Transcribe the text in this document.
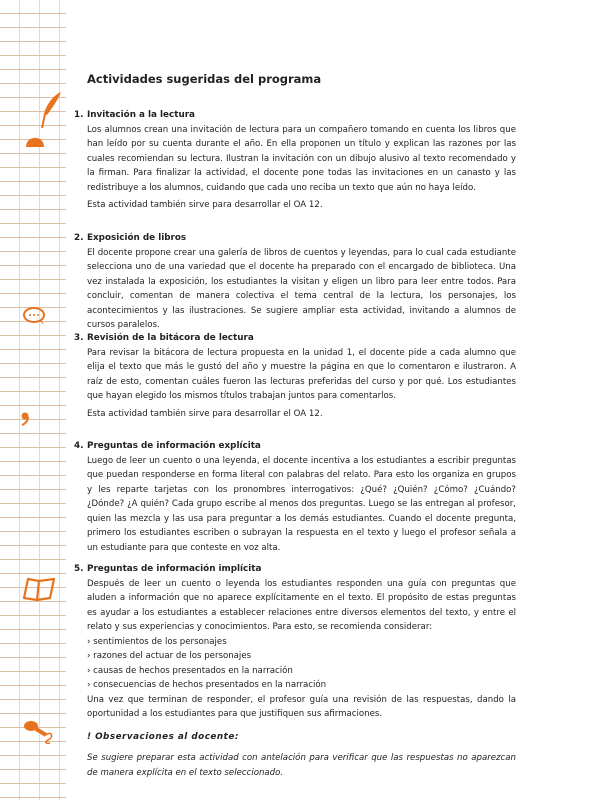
Actividades sugeridas del programa
1. Invitación a la lectura

Los alumnos crean una invitación de lectura para un compañero tomando en cuenta los libros que han leído por su cuenta durante el año. En ella proponen un título y explican las razones por las cuales recomiendan su lectura. Ilustran la invitación con un dibujo alusivo al texto recomendado y la firman. Para finalizar la actividad, el docente pone todas las invitaciones en un canasto y las redistribuye a los alumnos, cuidando que cada uno reciba un texto que aún no haya leído.

Esta actividad también sirve para desarrollar el OA 12.

2. Exposición de libros

El docente propone crear una galería de libros de cuentos y leyendas, para lo cual cada estudiante selecciona uno de una variedad que el docente ha preparado con el encargado de biblioteca. Una vez instalada la exposición, los estudiantes la visitan y eligen un libro para leer entre todos. Para concluir, comentan de manera colectiva el tema central de la lectura, los personajes, los acontecimientos y las ilustraciones. Se sugiere ampliar esta actividad, invitando a alumnos de cursos paralelos.

3. Revisión de la bitácora de lectura

Para revisar la bitácora de lectura propuesta en la unidad 1, el docente pide a cada alumno que elija el texto que más le gustó del año y muestre la página en que lo comentaron e ilustraron. A raíz de esto, comentan cuáles fueron las lecturas preferidas del curso y por qué. Los estudiantes que hayan elegido los mismos títulos trabajan juntos para comentarlos.

Esta actividad también sirve para desarrollar el OA 12.

4. Preguntas de información explícita

Luego de leer un cuento o una leyenda, el docente incentiva a los estudiantes a escribir preguntas que puedan responderse en forma literal con palabras del relato. Para esto los organiza en grupos y les reparte tarjetas con los pronombres interrogativos: ¿Qué? ¿Quién? ¿Cómo? ¿Cuándo? ¿Dónde? ¿A quién? Cada grupo escribe al menos dos preguntas. Luego se las entregan al profesor, quien las mezcla y las usa para preguntar a los demás estudiantes. Cuando el docente pregunta, primero los estudiantes escriben o subrayan la respuesta en el texto y luego el profesor señala a un estudiante para que conteste en voz alta.

5. Preguntas de información implícita

Después de leer un cuento o leyenda los estudiantes responden una guía con preguntas que aluden a información que no aparece explícitamente en el texto. El propósito de estas preguntas es ayudar a los estudiantes a establecer relaciones entre diversos elementos del texto, y entre el relato y sus experiencias y conocimientos. Para esto, se recomienda considerar:

› sentimientos de los personajes
› razones del actuar de los personajes
› causas de hechos presentados en la narración
› consecuencias de hechos presentados en la narración

Una vez que terminan de responder, el profesor guía una revisión de las respuestas, dando la oportunidad a los estudiantes para que justifiquen sus afirmaciones.

! Observaciones al docente:

Se sugiere preparar esta actividad con antelación para verificar que las respuestas no aparezcan de manera explícita en el texto seleccionado.
